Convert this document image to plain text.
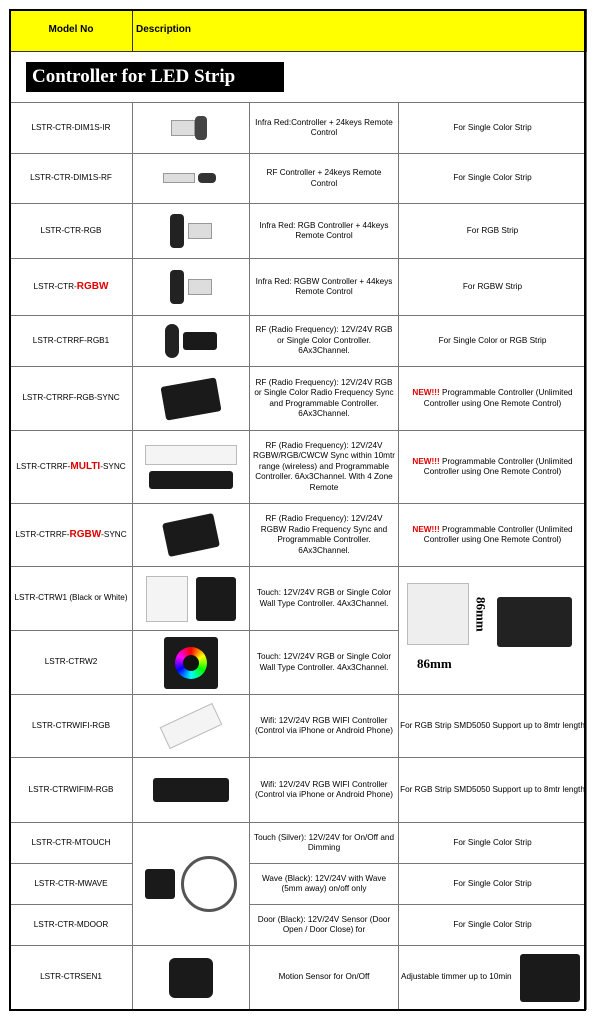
Model No	Description		
Controller for LED Strip			
LSTR-CTR-DIM1S-IR		Infra Red:Controller + 24keys Remote Control	For Single Color Strip
LSTR-CTR-DIM1S-RF		RF Controller + 24keys Remote Control	For Single Color Strip
LSTR-CTR-RGB		Infra Red: RGB Controller + 44keys Remote Control	For RGB Strip
LSTR-CTR-RGBW		Infra Red: RGBW Controller + 44keys Remote Control	For RGBW Strip
LSTR-CTRRF-RGB1		RF (Radio Frequency): 12V/24V RGB or Single Color Controller. 6Ax3Channel.	For Single Color or RGB Strip
LSTR-CTRRF-RGB-SYNC		RF (Radio Frequency): 12V/24V RGB or Single Color Radio Frequency Sync and Programmable Controller. 6Ax3Channel.	NEW!!! Programmable Controller (Unlimited Controller using One Remote Control)
LSTR-CTRRF-MULTI-SYNC		RF (Radio Frequency): 12V/24V RGBW/RGB/CWCW Sync within 10mtr range (wireless) and Programmable Controller. 6Ax3Channel. With 4 Zone Remote	NEW!!! Programmable Controller (Unlimited Controller using One Remote Control)
LSTR-CTRRF-RGBW-SYNC		RF (Radio Frequency): 12V/24V RGBW Radio Frequency Sync and Programmable Controller. 6Ax3Channel.	NEW!!! Programmable Controller (Unlimited Controller using One Remote Control)
LSTR-CTRW1 (Black or White)		Touch: 12V/24V RGB or Single Color Wall Type Controller. 4Ax3Channel.	86mm
86mm

LSTR-CTRW2		Touch: 12V/24V RGB or Single Color Wall Type Controller. 4Ax3Channel.	
LSTR-CTRWIFI-RGB		Wifi: 12V/24V RGB WIFI Controller (Control via iPhone or Android Phone)	For RGB Strip SMD5050 Support up to 8mtr length
LSTR-CTRWIFIM-RGB		Wifi: 12V/24V RGB WIFI Controller (Control via iPhone or Android Phone)	For RGB Strip SMD5050 Support up to 8mtr length
LSTR-CTR-MTOUCH		Touch (Silver): 12V/24V for On/Off and Dimming	For Single Color Strip
LSTR-CTR-MWAVE		Wave (Black): 12V/24V with Wave (5mm away) on/off only	For Single Color Strip
LSTR-CTR-MDOOR		Door (Black): 12V/24V Sensor (Door Open / Door Close) for	For Single Color Strip
LSTR-CTRSEN1		Motion Sensor for On/Off	Adjustable timmer up to 10min
